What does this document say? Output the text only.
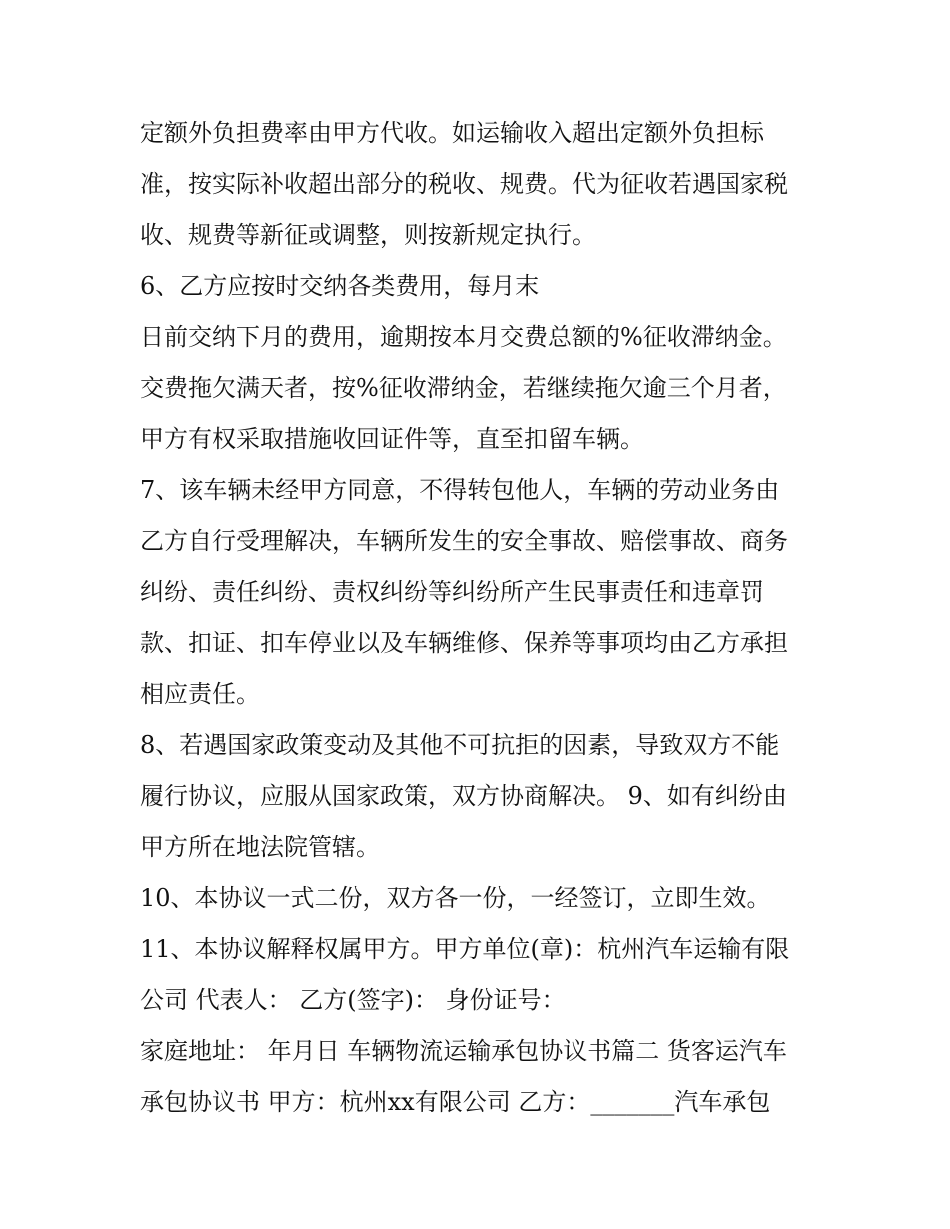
定额外负担费率由甲方代收。如运输收入超出定额外负担标
准，按实际补收超出部分的税收、规费。代为征收若遇国家税
收、规费等新征或调整，则按新规定执行。
6、乙方应按时交纳各类费用，每月末
日前交纳下月的费用，逾期按本月交费总额的%征收滞纳金。
交费拖欠满天者，按%征收滞纳金，若继续拖欠逾三个月者，
甲方有权采取措施收回证件等，直至扣留车辆。
7、该车辆未经甲方同意，不得转包他人，车辆的劳动业务由
乙方自行受理解决，车辆所发生的安全事故、赔偿事故、商务
纠纷、责任纠纷、责权纠纷等纠纷所产生民事责任和违章罚
款、扣证、扣车停业以及车辆维修、保养等事项均由乙方承担
相应责任。
8、若遇国家政策变动及其他不可抗拒的因素，导致双方不能
履行协议，应服从国家政策，双方协商解决。 9、如有纠纷由
甲方所在地法院管辖。
10、本协议一式二份，双方各一份，一经签订，立即生效。
11、本协议解释权属甲方。甲方单位(章)：杭州汽车运输有限
公司 代表人： 乙方(签字)： 身份证号：
家庭地址： 年月日 车辆物流运输承包协议书篇二 货客运汽车
承包协议书 甲方：杭州xx有限公司 乙方：_______汽车承包
